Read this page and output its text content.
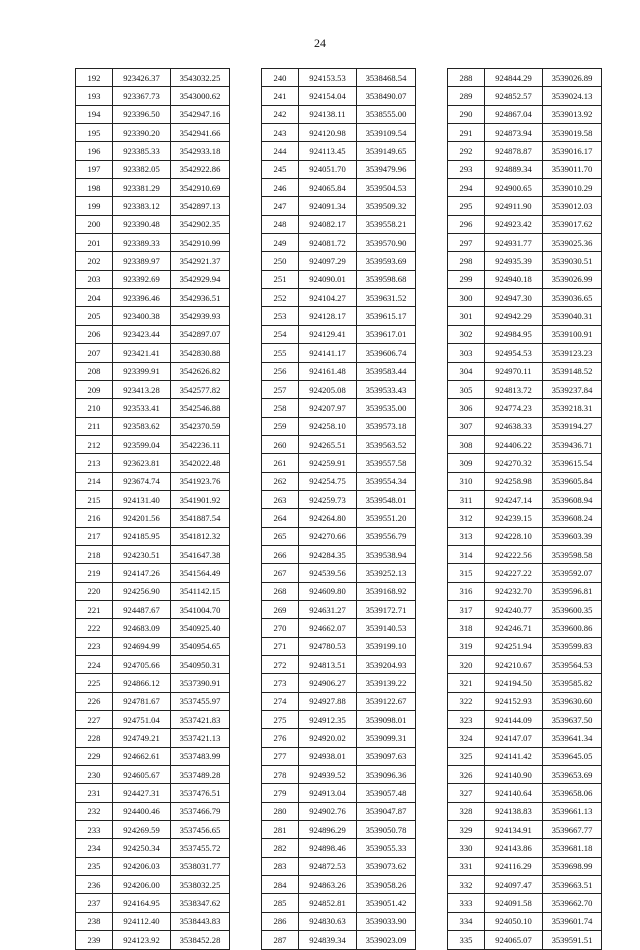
24
192	923426.37	3543032.25
193	923367.73	3543000.62
194	923396.50	3542947.16
195	923390.20	3542941.66
196	923385.33	3542933.18
197	923382.05	3542922.86
198	923381.29	3542910.69
199	923383.12	3542897.13
200	923390.48	3542902.35
201	923389.33	3542910.99
202	923389.97	3542921.37
203	923392.69	3542929.94
204	923396.46	3542936.51
205	923400.38	3542939.93
206	923423.44	3542897.07
207	923421.41	3542830.88
208	923399.91	3542626.82
209	923413.28	3542577.82
210	923533.41	3542546.88
211	923583.62	3542370.59
212	923599.04	3542236.11
213	923623.81	3542022.48
214	923674.74	3541923.76
215	924131.40	3541901.92
216	924201.56	3541887.54
217	924185.95	3541812.32
218	924230.51	3541647.38
219	924147.26	3541564.49
220	924256.90	3541142.15
221	924487.67	3541004.70
222	924683.09	3540925.40
223	924694.99	3540954.65
224	924705.66	3540950.31
225	924866.12	3537390.91
226	924781.67	3537455.97
227	924751.04	3537421.83
228	924749.21	3537421.13
229	924662.61	3537483.99
230	924605.67	3537489.28
231	924427.31	3537476.51
232	924400.46	3537466.79
233	924269.59	3537456.65
234	924250.34	3537455.72
235	924206.03	3538031.77
236	924206.00	3538032.25
237	924164.95	3538347.62
238	924112.40	3538443.83
239	924123.92	3538452.28
240	924153.53	3538468.54
241	924154.04	3538490.07
242	924138.11	3538555.00
243	924120.98	3539109.54
244	924113.45	3539149.65
245	924051.70	3539479.96
246	924065.84	3539504.53
247	924091.34	3539509.32
248	924082.17	3539558.21
249	924081.72	3539570.90
250	924097.29	3539593.69
251	924090.01	3539598.68
252	924104.27	3539631.52
253	924128.17	3539615.17
254	924129.41	3539617.01
255	924141.17	3539606.74
256	924161.48	3539583.44
257	924205.08	3539533.43
258	924207.97	3539535.00
259	924258.10	3539573.18
260	924265.51	3539563.52
261	924259.91	3539557.58
262	924254.75	3539554.34
263	924259.73	3539548.01
264	924264.80	3539551.20
265	924270.66	3539556.79
266	924284.35	3539538.94
267	924539.56	3539252.13
268	924609.80	3539168.92
269	924631.27	3539172.71
270	924662.07	3539140.53
271	924780.53	3539199.10
272	924813.51	3539204.93
273	924906.27	3539139.22
274	924927.88	3539122.67
275	924912.35	3539098.01
276	924920.02	3539099.31
277	924938.01	3539097.63
278	924939.52	3539096.36
279	924913.04	3539057.48
280	924902.76	3539047.87
281	924896.29	3539050.78
282	924898.46	3539055.33
283	924872.53	3539073.62
284	924863.26	3539058.26
285	924852.81	3539051.42
286	924830.63	3539033.90
287	924839.34	3539023.09
288	924844.29	3539026.89
289	924852.57	3539024.13
290	924867.04	3539013.92
291	924873.94	3539019.58
292	924878.87	3539016.17
293	924889.34	3539011.70
294	924900.65	3539010.29
295	924911.90	3539012.03
296	924923.42	3539017.62
297	924931.77	3539025.36
298	924935.39	3539030.51
299	924940.18	3539026.99
300	924947.30	3539036.65
301	924942.29	3539040.31
302	924984.95	3539100.91
303	924954.53	3539123.23
304	924970.11	3539148.52
305	924813.72	3539237.84
306	924774.23	3539218.31
307	924638.33	3539194.27
308	924406.22	3539436.71
309	924270.32	3539615.54
310	924258.98	3539605.84
311	924247.14	3539608.94
312	924239.15	3539608.24
313	924228.10	3539603.39
314	924222.56	3539598.58
315	924227.22	3539592.07
316	924232.70	3539596.81
317	924240.77	3539600.35
318	924246.71	3539600.86
319	924251.94	3539599.83
320	924210.67	3539564.53
321	924194.50	3539585.82
322	924152.93	3539630.60
323	924144.09	3539637.50
324	924147.07	3539641.34
325	924141.42	3539645.05
326	924140.90	3539653.69
327	924140.64	3539658.06
328	924138.83	3539661.13
329	924134.91	3539667.77
330	924143.86	3539681.18
331	924116.29	3539698.99
332	924097.47	3539663.51
333	924091.58	3539662.70
334	924050.10	3539601.74
335	924065.07	3539591.51
